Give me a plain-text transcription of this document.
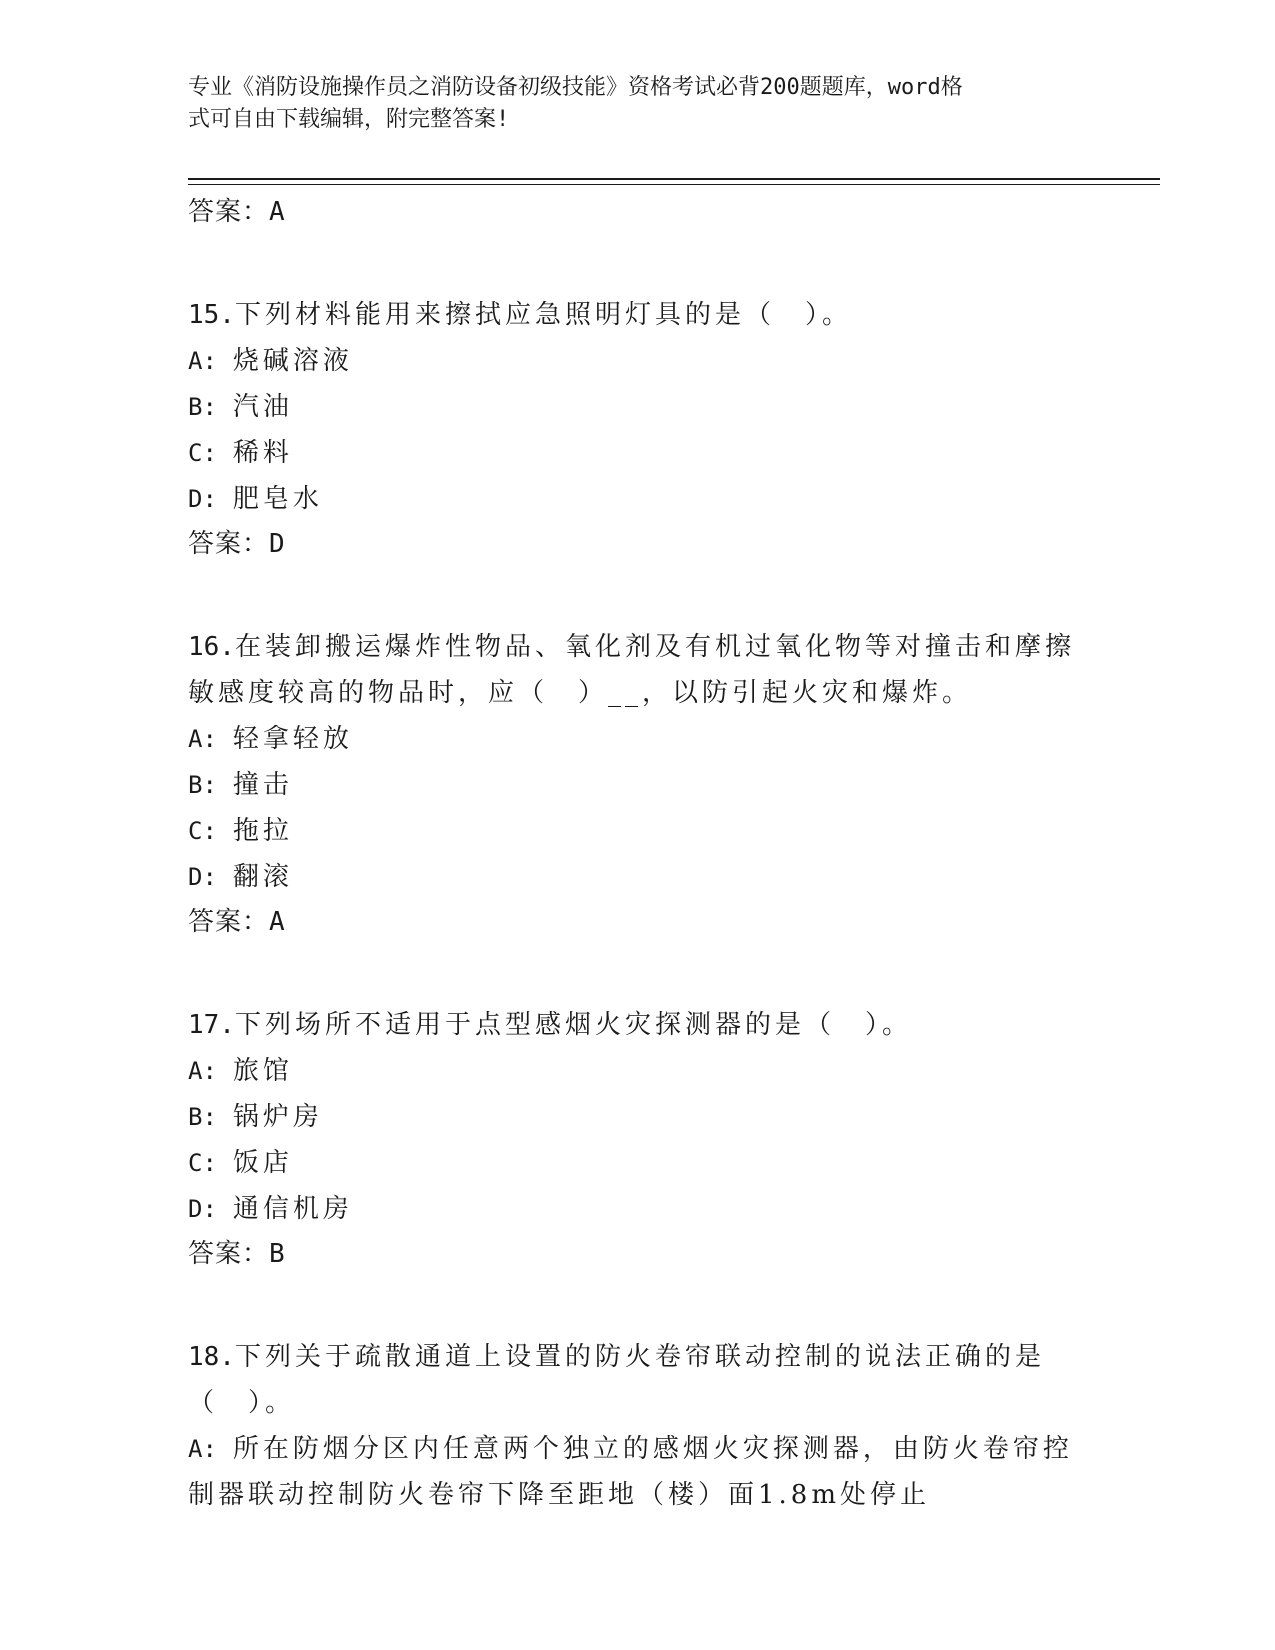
专业《消防设施操作员之消防设备初级技能》资格考试必背200题题库，word格
式可自由下载编辑，附完整答案!
答案：A
15.下列材料能用来擦拭应急照明灯具的是（　）。
A: 烧碱溶液
B: 汽油
C: 稀料
D: 肥皂水
答案：D
16.在装卸搬运爆炸性物品、氧化剂及有机过氧化物等对撞击和摩擦敏感度较高的物品时，应（　）__，以防引起火灾和爆炸。
A: 轻拿轻放
B: 撞击
C: 拖拉
D: 翻滚
答案：A
17.下列场所不适用于点型感烟火灾探测器的是（　）。
A: 旅馆
B: 锅炉房
C: 饭店
D: 通信机房
答案：B
18.下列关于疏散通道上设置的防火卷帘联动控制的说法正确的是（　）。
A: 所在防烟分区内任意两个独立的感烟火灾探测器，由防火卷帘控制器联动控制防火卷帘下降至距地（楼）面1.8m处停止
